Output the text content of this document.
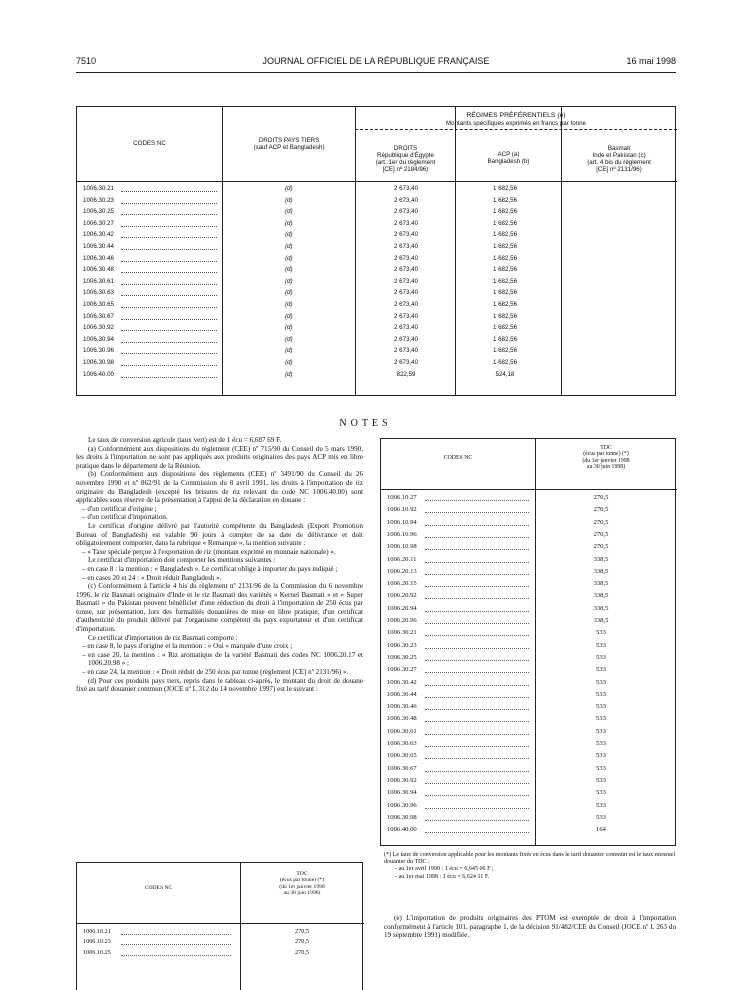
7510	JOURNAL OFFICIEL DE LA RÉPUBLIQUE FRANÇAISE	16 mai 1998
CODES NC	DROITS PAYS TIERS
(sauf ACP et Bangladesh)
RÉGIMES PRÉFÉRENTIELS (e)
Montants spécifiques exprimés en francs par tonne
DROITS
République d'Égypte
(art. 1er du règlement
[CE] nº 2184/96)
ACP (a)
Bangladesh (b)
Basmati
Inde et Pakistan (c)
(art. 4 bis du règlement
[CE] nº 2131/96)
1006.30.21	(d)	2 673,40	1 682,56
1006.30.23	(d)	2 673,40	1 682,56
1006.30.25	(d)	2 673,40	1 682,56
1006.30.27	(d)	2 673,40	1 682,56
1006.30.42	(d)	2 673,40	1 682,56
1006.30.44	(d)	2 673,40	1 682,56
1006.30.46	(d)	2 673,40	1 682,56
1006.30.48	(d)	2 673,40	1 682,56
1006.30.61	(d)	2 673,40	1 682,56
1006.30.63	(d)	2 673,40	1 682,56
1006.30.65	(d)	2 673,40	1 682,56
1006.30.67	(d)	2 673,40	1 682,56
1006.30.92	(d)	2 673,40	1 682,56
1006.30.94	(d)	2 673,40	1 682,56
1006.30.96	(d)	2 673,40	1 682,56
1006.30.98	(d)	2 673,40	1 682,56
1006.40.00	(d)	822,59	524,18
NOTES

Le taux de conversion agricole (taux vert) est de 1 écu = 6,687 69 F.

(a) Conformément aux dispositions du règlement (CEE) nº 715/90 du Conseil du 5 mars 1990, les droits à l'importation ne sont pas appliqués aux produits originaires des pays ACP mis en libre pratique dans le département de la Réunion.

(b) Conformément aux dispositions des règlements (CEE) nº 3491/90 du Conseil du 26 novembre 1990 et nº 862/91 de la Commission du 8 avril 1991, les droits à l'importation de riz originaire du Bangladesh (excepté les brisures de riz relevant du code NC 1006.40.00) sont applicables sous réserve de la présentation à l'appui de la déclaration en douane :

– d'un certificat d'origine ;

– d'un certificat d'importation.

Le certificat d'origine délivré par l'autorité compétente du Bangladesh (Export Promotion Bureau of Bangladesh) est valable 90 jours à compter de sa date de délivrance et doit obligatoirement comporter, dans la rubrique « Remarque », la mention suivante :

– « Taxe spéciale perçue à l'exportation de riz (montant exprimé en monnaie nationale) ».

Le certificat d'importation doit comporter les mentions suivantes :

– en case 8 : la mention : « Bangladesh ». Le certificat oblige à importer du pays indiqué ;

– en cases 20 et 24 : « Droit réduit Bangladesh ».

(c) Conformément à l'article 4 bis du règlement nº 2131/96 de la Commission du 6 novembre 1996, le riz Basmati originaire d'Inde et le riz Basmati des variétés « Kernel Basmati » et « Super Basmati » du Pakistan peuvent bénéficier d'une réduction du droit à l'importation de 250 écus par tonne, sur présentation, lors des formalités douanières de mise en libre pratique, d'un certificat d'authenticité du produit délivré par l'organisme compétent du pays exportateur et d'un certificat d'importation.

Ce certificat d'importation de riz Basmati comporte :

– en case 8, le pays d'origine et la mention : « Oui » marquée d'une croix ;

– en case 20, la mention : « Riz aromatique de la variété Basmati des codes NC 1006.20.17 et 1006.20.98 » ;

– en case 24, la mention : « Droit réduit de 250 écus par tonne (règlement [CE] nº 2131/96) ».

(d) Pour ces produits pays tiers, repris dans le tableau ci-après, le montant du droit de douane fixé au tarif douanier commun (JOCE nº L 312 du 14 novembre 1997) est le suivant :

CODES NC
TDC
(écus par tonne) (*)
(du 1er janvier 1998
au 30 juin 1998)
1006.10.21	270,5
1006.10.23	270,5
1006.10.25	270,5
CODES NC
TDC
(écus par tonne) (*)
(du 1er janvier 1998
au 30 juin 1998)
1006.10.27	270,5
1006.10.92	270,5
1006.10.94	270,5
1006.10.96	270,5
1006.10.98	270,5
1006.20.11	338,5
1006.20.13	338,5
1006.20.15	338,5
1006.20.92	338,5
1006.20.94	338,5
1006.20.96	338,5
1006.30.21	533
1006.30.23	533
1006.30.25	533
1006.30.27	533
1006.30.42	533
1006.30.44	533
1006.30.46	533
1006.30.48	533
1006.30.61	533
1006.30.63	533
1006.30.65	533
1006.30.67	533
1006.30.92	533
1006.30.94	533
1006.30.96	533
1006.30.98	533
1006.40.00	164
(*) Le taux de conversion applicable pour les montants fixés en écus dans le tarif douanier commun est le taux mensuel douanier du TDC :
– au 1er avril 1998 : 1 écu = 6,645 06 F ;
– au 1er mai 1998 : 1 écu = 6,624 11 F.
(e) L'importation de produits originaires des PTOM est exemptée de droit à l'importation conformément à l'article 101, paragraphe 1, de la décision 91/482/CEE du Conseil (JOCE nº L 263 du 19 septembre 1991) modifiée.
